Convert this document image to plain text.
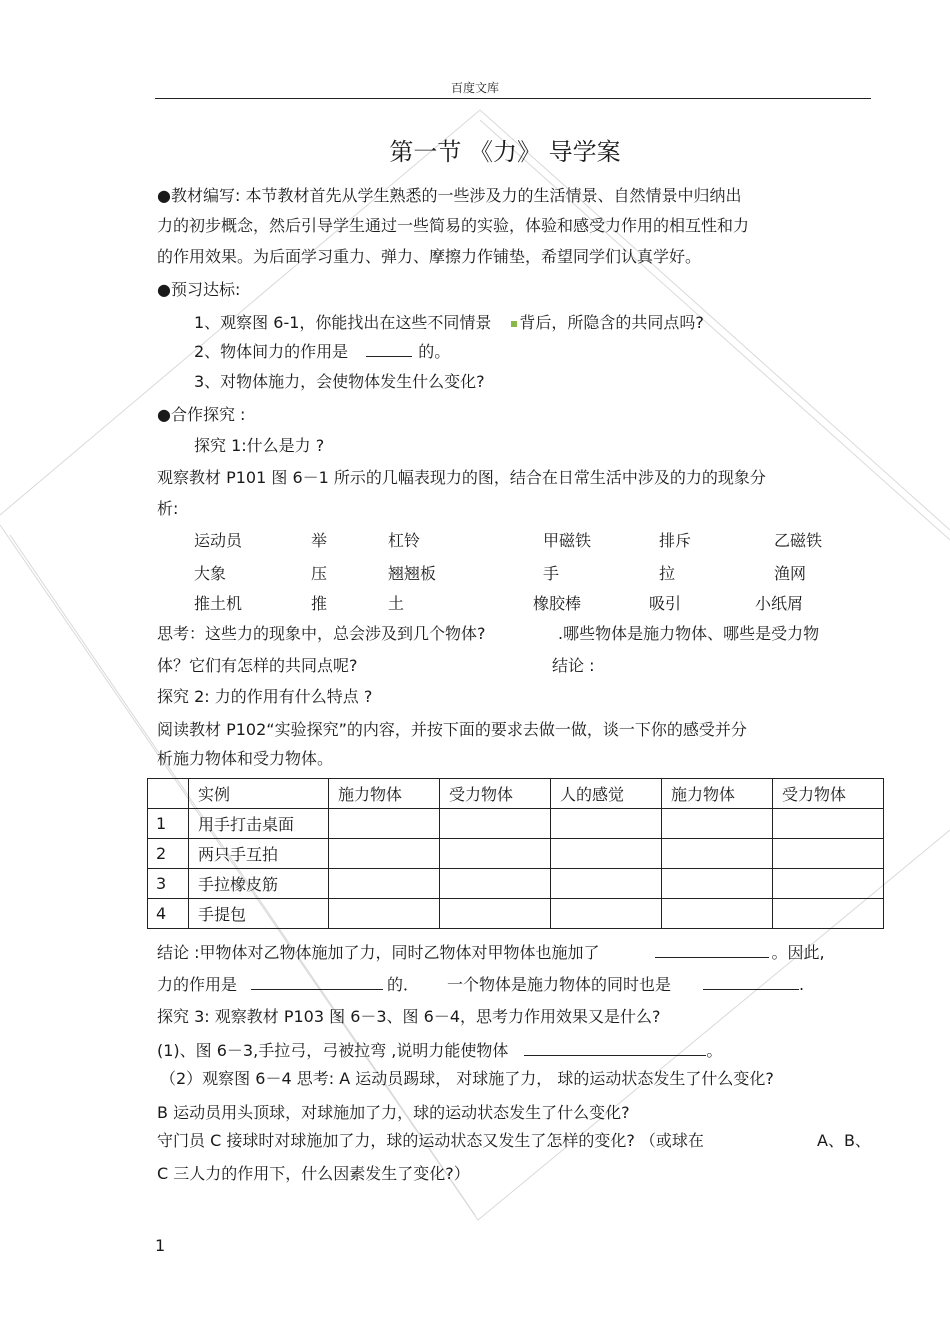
百度文库
第一节 《力》 导学案
●教材编写: 本节教材首先从学生熟悉的一些涉及力的生活情景、自然情景中归纳出
力的初步概念，然后引导学生通过一些简易的实验，体验和感受力作用的相互性和力
的作用效果。为后面学习重力、弹力、摩擦力作铺垫，希望同学们认真学好。
●预习达标:
1、观察图 6-1，你能找出在这些不同情景 背后，所隐含的共同点吗?
2、物体间力的作用是	的。
3、对物体施力，会使物体发生什么变化?
●合作探究 :
探究 1:什么是力 ?
观察教材 P101 图 6－1 所示的几幅表现力的图，结合在日常生活中涉及的力的现象分
析:
运动员	举	杠铃	甲磁铁	排斥	乙磁铁
大象	压	翘翘板	手	拉	渔网
推土机	推	土	橡胶棒	吸引	小纸屑
思考：这些力的现象中，总会涉及到几个物体?	.哪些物体是施力物体、哪些是受力物
体？它们有怎样的共同点呢?	结论 :
探究 2: 力的作用有什么特点 ?
阅读教材 P102“实验探究”的内容，并按下面的要求去做一做，谈一下你的感受并分
析施力物体和受力物体。
	实例	施力物体	受力物体	人的感觉	施力物体	受力物体
1	用手打击桌面					
2	两只手互拍					
3	手拉橡皮筋					
4	手提包					
结论 :甲物体对乙物体施加了力，同时乙物体对甲物体也施加了	。因此,
力的作用是	的． 一个物体是施力物体的同时也是	.
探究 3: 观察教材 P103 图 6－3、图 6－4，思考力作用效果又是什么?
(1)、图 6－3,手拉弓，弓被拉弯 ,说明力能使物体	。
（2）观察图 6－4 思考: A 运动员踢球， 对球施了力， 球的运动状态发生了什么变化?
B 运动员用头顶球，对球施加了力，球的运动状态发生了什么变化?
守门员 C 接球时对球施加了力，球的运动状态又发生了怎样的变化? （或球在	A、B、
C 三人力的作用下，什么因素发生了变化?）
1
